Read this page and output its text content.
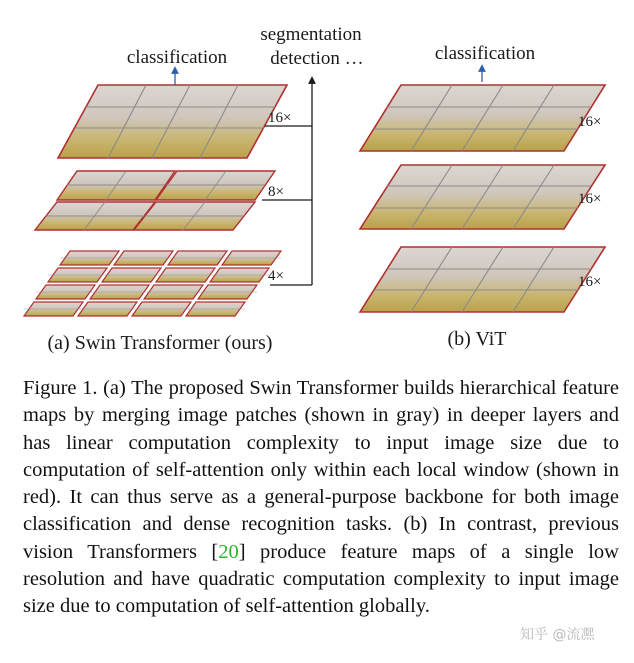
16×
8×
4×
classification
segmentation
detection …
(a) Swin Transformer (ours)
16×
16×
16×
classification
(b) ViT
Figure 1. (a) The proposed Swin Transformer builds hierarchical feature maps by merging image patches (shown in gray) in deeper layers and has linear computation complexity to input image size due to computation of self-attention only within each local window (shown in red). It can thus serve as a general-purpose backbone for both image classification and dense recognition tasks. (b) In contrast, previous vision Transformers [20] produce feature maps of a single low resolution and have quadratic computation complexity to input image size due to computation of self-attention globally.
知乎 @流凞
